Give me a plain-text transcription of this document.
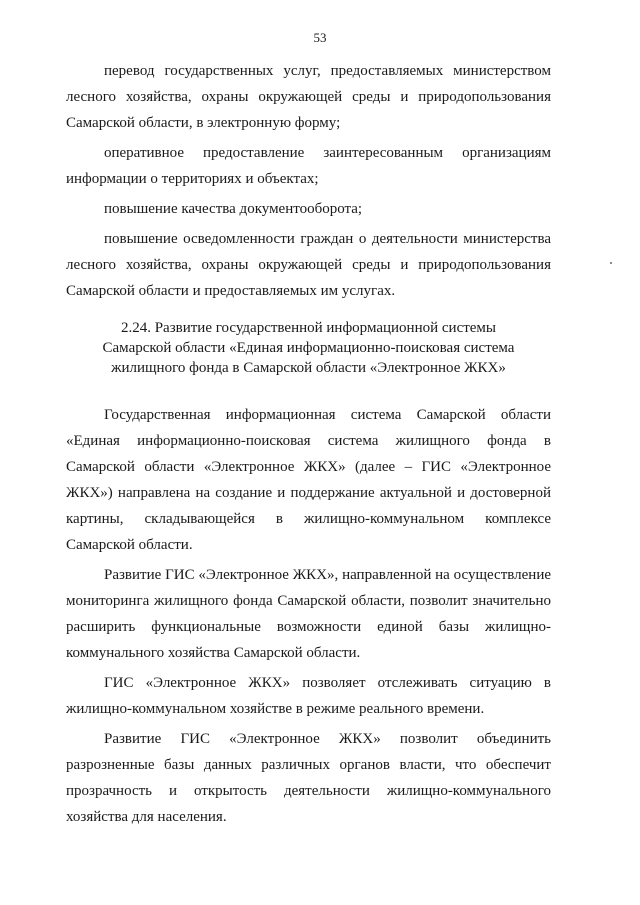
53

перевод государственных услуг, предоставляемых министерством лесного хозяйства, охраны окружающей среды и природопользования Самарской области, в электронную форму;

оперативное предоставление заинтересованным организациям информации о территориях и объектах;

повышение качества документооборота;

повышение осведомленности граждан о деятельности министерства лесного хозяйства, охраны окружающей среды и природопользования Самарской области и предоставляемых им услугах.

2.24. Развитие государственной информационной системы
Самарской области «Единая информационно-поисковая система
жилищного фонда в Самарской области «Электронное ЖКХ»

Государственная информационная система Самарской области «Единая информационно-поисковая система жилищного фонда в Самарской области «Электронное ЖКХ» (далее – ГИС «Электронное ЖКХ») направлена на создание и поддержание актуальной и достоверной картины, складывающейся в жилищно-коммунальном комплексе Самарской области.

Развитие ГИС «Электронное ЖКХ», направленной на осуществление мониторинга жилищного фонда Самарской области, позволит значительно расширить функциональные возможности единой базы жилищно-коммунального хозяйства Самарской области.

ГИС «Электронное ЖКХ» позволяет отслеживать ситуацию в жилищно-коммунальном хозяйстве в режиме реального времени.

Развитие ГИС «Электронное ЖКХ» позволит объединить разрозненные базы данных различных органов власти, что обеспечит прозрачность и открытость деятельности жилищно-коммунального хозяйства для населения.
